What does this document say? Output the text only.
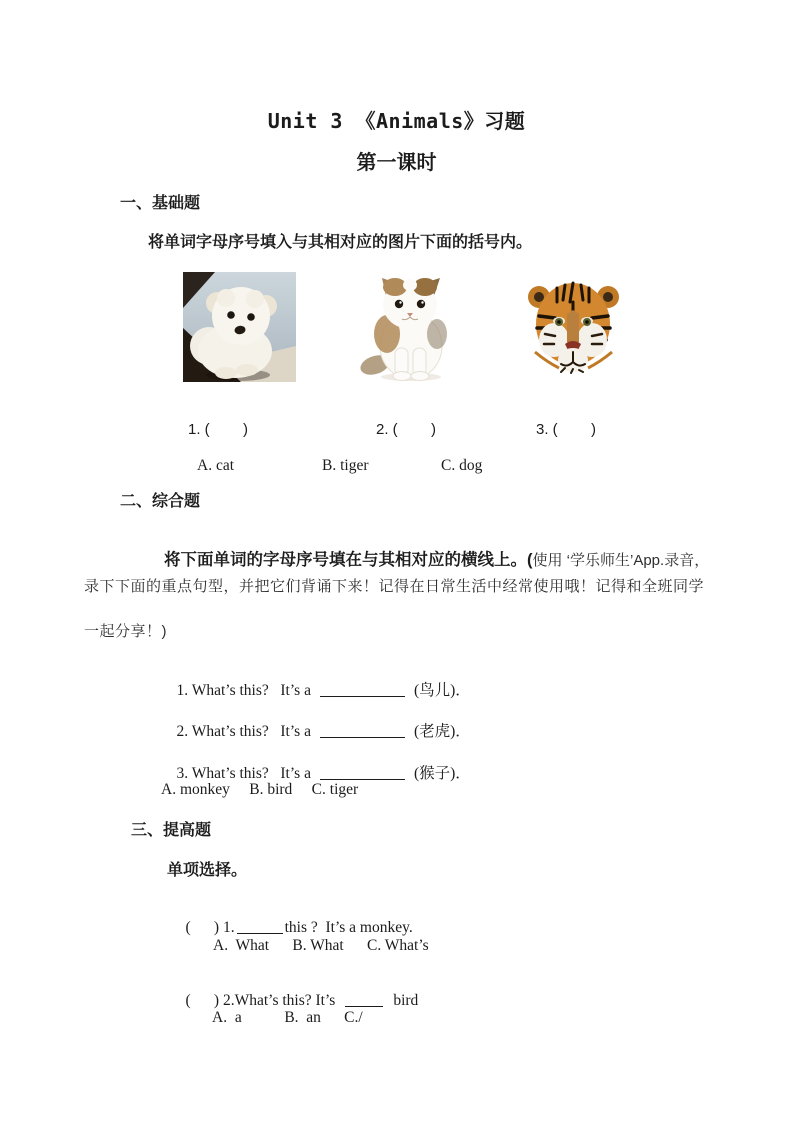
Unit 3 《Animals》习题
第一课时
一、基础题
将单词字母序号填入与其相对应的图片下面的括号内。
1. (        )	2. (        )	3. (        )
A. cat	B. tiger	C. dog
二、综合题

将下面单词的字母序号填在与其相对应的横线上。(使用 ‘学乐师生’App.录音，

录下下面的重点句型，并把它们背诵下来！记得在日常生活中经常使用哦！记得和全班同学
一起分享！)

1. What’s this?   It’s a	(鸟儿)．

2. What’s this?   It’s a	(老虎)．

3. What’s this?   It’s a	(猴子)．

A. monkey     B. bird     C. tiger
三、提高题
单项选择。

(      ) 1.	this ?  It’s a monkey.

A.  What      B. What      C. What’s

(      ) 2.What’s this? It’s	bird

A.  a           B.  an      C./
